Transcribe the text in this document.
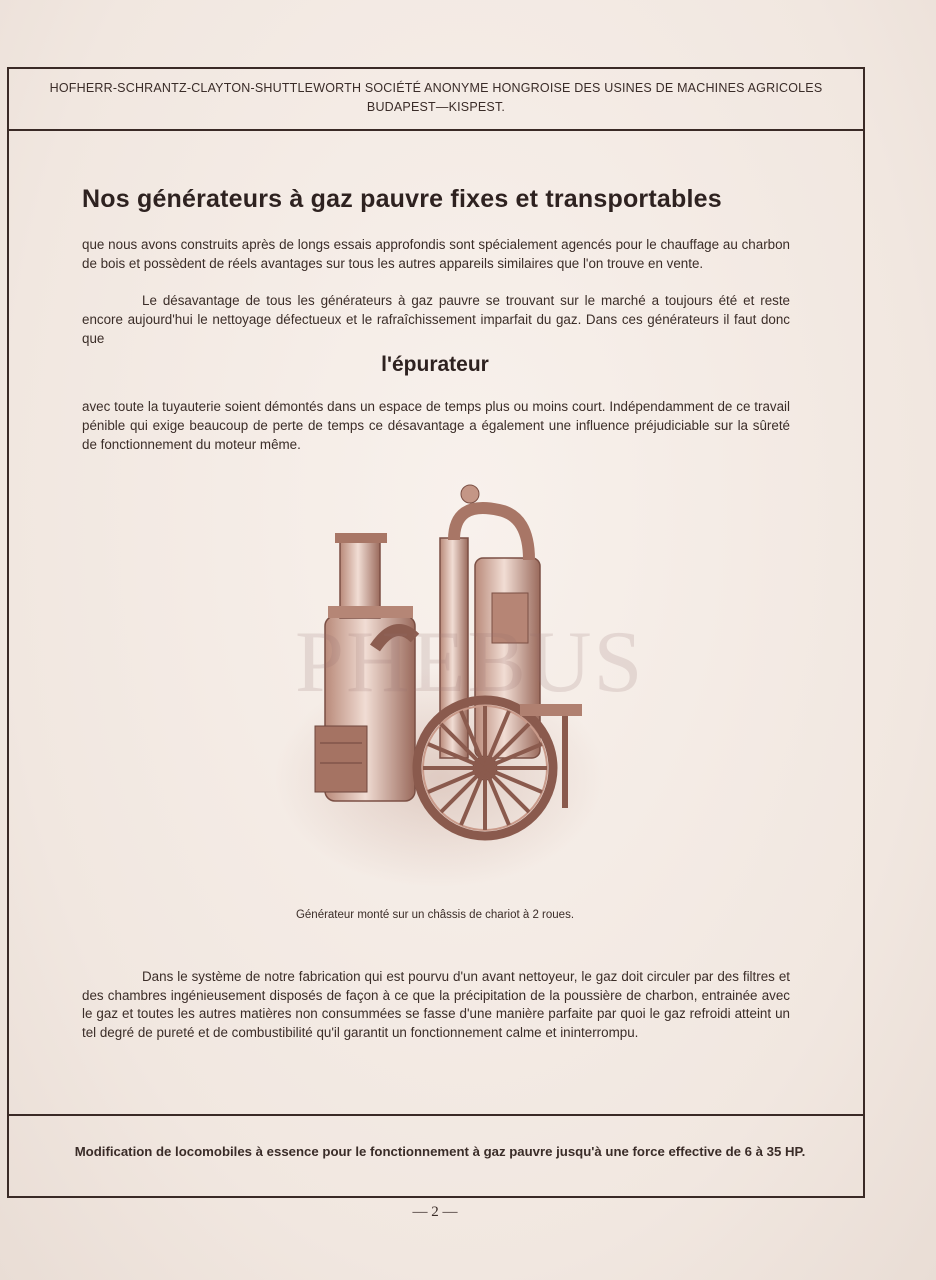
HOFHERR-SCHRANTZ-CLAYTON-SHUTTLEWORTH SOCIÉTÉ ANONYME HONGROISE DES USINES DE MACHINES AGRICOLES
BUDAPEST—KISPEST.
Nos générateurs à gaz pauvre fixes et transportables
que nous avons construits après de longs essais approfondis sont spécialement agencés pour le chauffage au charbon de bois et possèdent de réels avantages sur tous les autres appareils similaires que l'on trouve en vente.
Le désavantage de tous les générateurs à gaz pauvre se trouvant sur le marché a toujours été et reste encore aujourd'hui le nettoyage défectueux et le rafraîchissement imparfait du gaz. Dans ces générateurs il faut donc que
l'épurateur
avec toute la tuyauterie soient démontés dans un espace de temps plus ou moins court. Indépendamment de ce travail pénible qui exige beaucoup de perte de temps ce désavantage a également une influence préjudiciable sur la sûreté de fonctionnement du moteur même.
PHEBUS
Générateur monté sur un châssis de chariot à 2 roues.
Dans le système de notre fabrication qui est pourvu d'un avant nettoyeur, le gaz doit circuler par des filtres et des chambres ingénieusement disposés de façon à ce que la précipitation de la poussière de charbon, entrainée avec le gaz et toutes les autres matières non consummées se fasse d'une manière parfaite par quoi le gaz refroidi atteint un tel degré de pureté et de combustibilité qu'il garantit un fonctionnement calme et ininterrompu.
Modification de locomobiles à essence pour le fonctionnement à gaz pauvre jusqu'à une force effective de 6 à 35 HP.
— 2 —
